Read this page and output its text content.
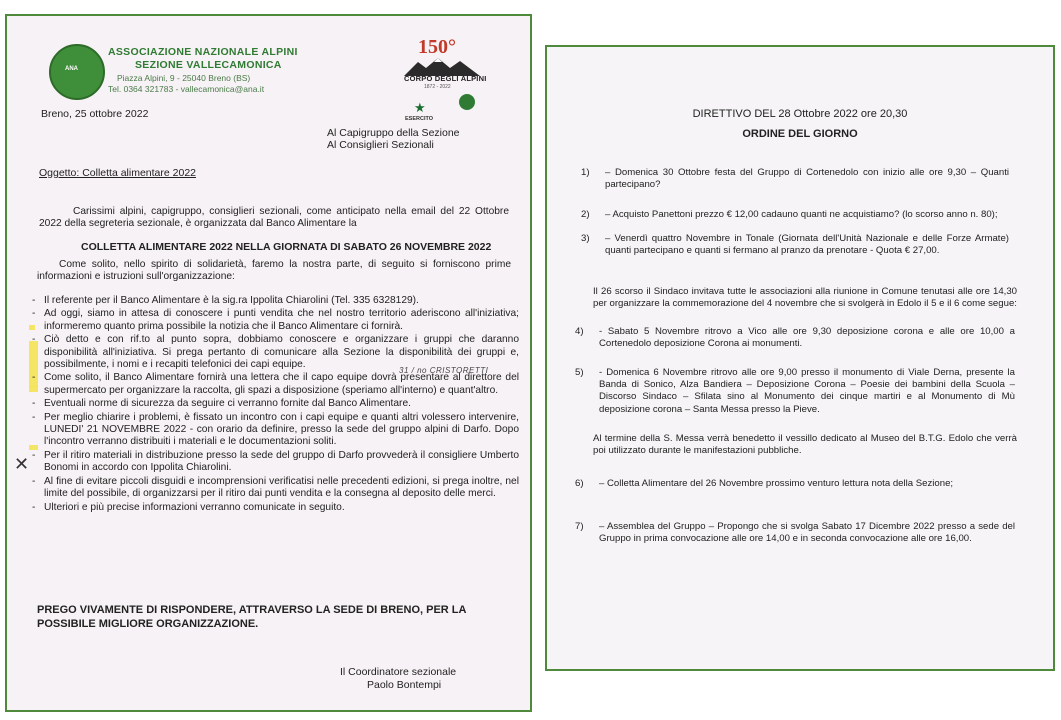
ANA

ASSOCIAZIONE NAZIONALE ALPINI

SEZIONE VALLECAMONICA

Piazza Alpini, 9 - 25040 Breno (BS)

Tel. 0364 321783 - vallecamonica@ana.it

150°
CORPO DEGLI ALPINI
1872 - 2022
★
ESERCITO

Breno, 25 ottobre 2022

Al Capigruppo della Sezione

Al Consiglieri Sezionali

Oggetto: Colletta alimentare 2022

Carissimi alpini, capigruppo, consiglieri sezionali, come anticipato nella email del 22 Ottobre 2022 della segreteria sezionale, è organizzata dal Banco Alimentare la

COLLETTA ALIMENTARE 2022 NELLA GIORNATA DI SABATO 26 NOVEMBRE 2022

Come solito, nello spirito di solidarietà, faremo la nostra parte, di seguito si forniscono prime informazioni e istruzioni sull'organizzazione:

- Il referente per il Banco Alimentare è la sig.ra Ippolita Chiarolini (Tel. 335 6328129).
- Ad oggi, siamo in attesa di conoscere i punti vendita che nel nostro territorio aderiscono all'iniziativa; informeremo quanto prima possibile la notizia che il Banco Alimentare ci fornirà.
- Ciò detto e con rif.to al punto sopra, dobbiamo conoscere e organizzare i gruppi che daranno disponibilità all'iniziativa. Si prega pertanto di comunicare alla Sezione la disponibilità dei gruppi e, possibilmente, i nomi e i recapiti telefonici dei capi equipe.
- Come solito, il Banco Alimentare fornirà una lettera che il capo equipe dovrà presentare al direttore del supermercato per organizzare la raccolta, gli spazi a disposizione (speriamo all'interno) e quant'altro.
- Eventuali norme di sicurezza da seguire ci verranno fornite dal Banco Alimentare.
- Per meglio chiarire i problemi, è fissato un incontro con i capi equipe e quanti altri volessero intervenire, LUNEDI' 21 NOVEMBRE 2022 - con orario da definire, presso la sede del gruppo alpini di Darfo. Dopo l'incontro verranno distribuiti i materiali e le documentazioni soliti.
- Per il ritiro materiali in distribuzione presso la sede del gruppo di Darfo provvederà il consigliere Umberto Bonomi in accordo con Ippolita Chiarolini.
- Al fine di evitare piccoli disguidi e incomprensioni verificatisi nelle precedenti edizioni, si prega inoltre, nel limite del possibile, di organizzarsi per il ritiro dai punti vendita e la consegna al deposito delle merci.
- Ulteriori e più precise informazioni verranno comunicate in seguito.
✕
31 / no CRISTORETTI

PREGO VIVAMENTE DI RISPONDERE, ATTRAVERSO LA SEDE DI BRENO, PER LA POSSIBILE MIGLIORE ORGANIZZAZIONE.

Il Coordinatore sezionale

Paolo Bontempi

DIRETTIVO DEL 28 Ottobre 2022 ore 20,30

ORDINE DEL GIORNO

1) – Domenica 30 Ottobre festa del Gruppo di Cortenedolo con inizio alle ore 9,30 – Quanti partecipano?
2) – Acquisto Panettoni prezzo € 12,00 cadauno quanti ne acquistiamo? (lo scorso anno n. 80);
3) – Venerdì quattro Novembre in Tonale (Giornata dell'Unità Nazionale e delle Forze Armate) quanti partecipano e quanti si fermano al pranzo da prenotare - Quota € 27,00.

Il 26 scorso il Sindaco invitava tutte le associazioni alla riunione in Comune tenutasi alle ore 14,30 per organizzare la commemorazione del 4 novembre che si svolgerà in Edolo il 5 e il 6 come segue:

4) - Sabato 5 Novembre ritrovo a Vico alle ore 9,30 deposizione corona e alle ore 10,00 a Cortenedolo deposizione Corona ai monumenti.
5) - Domenica 6 Novembre ritrovo alle ore 9,00 presso il monumento di Viale Derna, presente la Banda di Sonico, Alza Bandiera – Deposizione Corona – Poesie dei bambini della Scuola – Discorso Sindaco – Sfilata sino al Monumento dei cinque martiri e al Monumento di Mù deposizione corona – Santa Messa presso la Pieve.

Al termine della S. Messa verrà benedetto il vessillo dedicato al Museo del B.T.G. Edolo che verrà poi utilizzato durante le manifestazioni pubbliche.

6) – Colletta Alimentare del 26 Novembre prossimo venturo lettura nota della Sezione;
7) – Assemblea del Gruppo – Propongo che si svolga Sabato 17 Dicembre 2022 presso a sede del Gruppo in prima convocazione alle ore 14,00 e in seconda convocazione alle ore 16,00.
